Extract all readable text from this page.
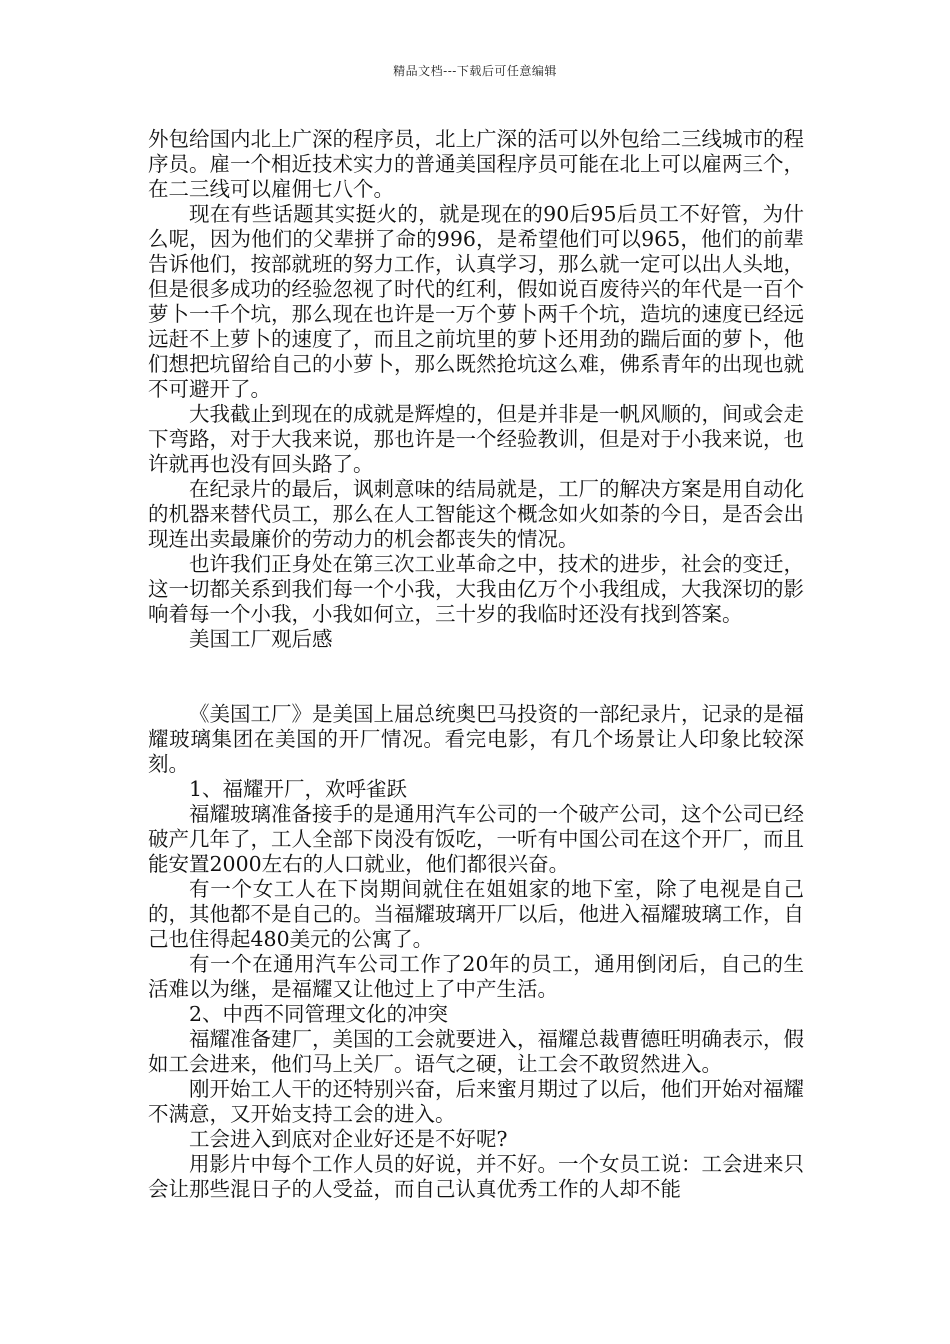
精品文档---下载后可任意编辑

外包给国内北上广深的程序员，北上广深的活可以外包给二三线城市的程序员。雇一个相近技术实力的普通美国程序员可能在北上可以雇两三个，在二三线可以雇佣七八个。

现在有些话题其实挺火的，就是现在的90后95后员工不好管，为什么呢，因为他们的父辈拼了命的996，是希望他们可以965，他们的前辈告诉他们，按部就班的努力工作，认真学习，那么就一定可以出人头地，但是很多成功的经验忽视了时代的红利，假如说百废待兴的年代是一百个萝卜一千个坑，那么现在也许是一万个萝卜两千个坑，造坑的速度已经远远赶不上萝卜的速度了，而且之前坑里的萝卜还用劲的踹后面的萝卜，他们想把坑留给自己的小萝卜，那么既然抢坑这么难，佛系青年的出现也就不可避开了。

大我截止到现在的成就是辉煌的，但是并非是一帆风顺的，间或会走下弯路，对于大我来说，那也许是一个经验教训，但是对于小我来说，也许就再也没有回头路了。

在纪录片的最后，讽刺意味的结局就是，工厂的解决方案是用自动化的机器来替代员工，那么在人工智能这个概念如火如荼的今日，是否会出现连出卖最廉价的劳动力的机会都丧失的情况。

也许我们正身处在第三次工业革命之中，技术的进步，社会的变迁，这一切都关系到我们每一个小我，大我由亿万个小我组成，大我深切的影响着每一个小我，小我如何立，三十岁的我临时还没有找到答案。

美国工厂观后感

《美国工厂》是美国上届总统奥巴马投资的一部纪录片，记录的是福耀玻璃集团在美国的开厂情况。看完电影，有几个场景让人印象比较深刻。

1、福耀开厂，欢呼雀跃

福耀玻璃准备接手的是通用汽车公司的一个破产公司，这个公司已经破产几年了，工人全部下岗没有饭吃，一听有中国公司在这个开厂，而且能安置2000左右的人口就业，他们都很兴奋。

有一个女工人在下岗期间就住在姐姐家的地下室，除了电视是自己的，其他都不是自己的。当福耀玻璃开厂以后，他进入福耀玻璃工作，自己也住得起480美元的公寓了。

有一个在通用汽车公司工作了20年的员工，通用倒闭后，自己的生活难以为继，是福耀又让他过上了中产生活。

2、中西不同管理文化的冲突

福耀准备建厂，美国的工会就要进入，福耀总裁曹德旺明确表示，假如工会进来，他们马上关厂。语气之硬，让工会不敢贸然进入。

刚开始工人干的还特别兴奋，后来蜜月期过了以后，他们开始对福耀不满意，又开始支持工会的进入。

工会进入到底对企业好还是不好呢?

用影片中每个工作人员的好说，并不好。一个女员工说：工会进来只会让那些混日子的人受益，而自己认真优秀工作的人却不能
